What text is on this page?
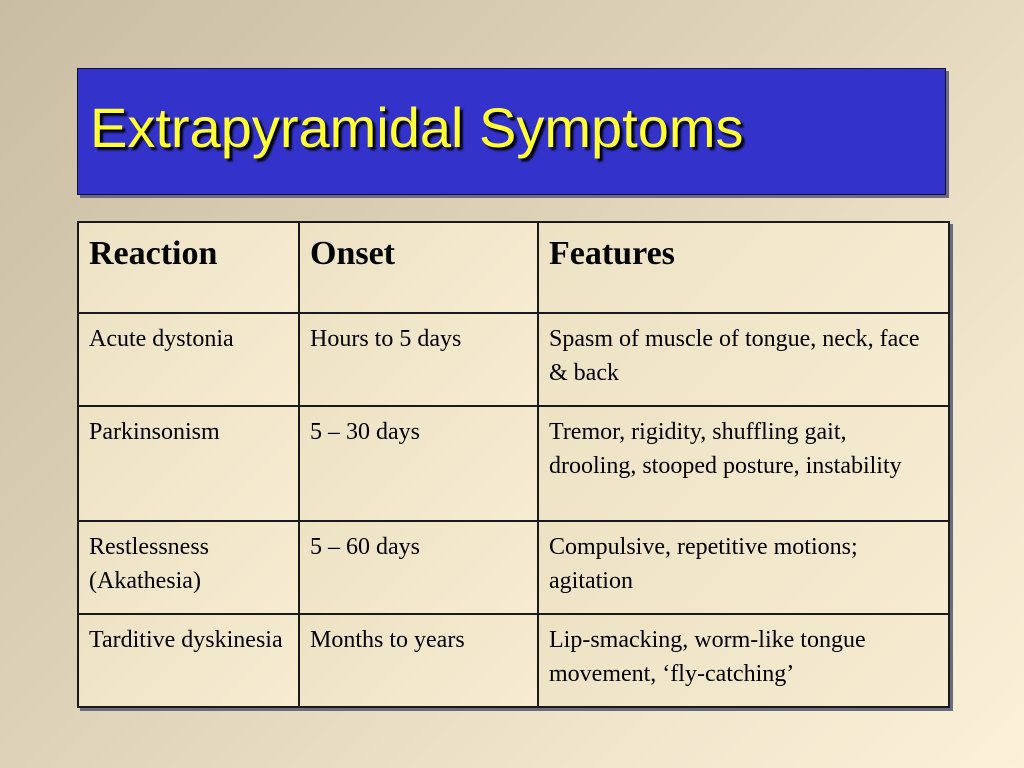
Extrapyramidal Symptoms
Reaction	Onset	Features
Acute dystonia	Hours to 5 days	Spasm of muscle of tongue, neck, face & back
Parkinsonism	5 – 30 days	Tremor, rigidity, shuffling gait, drooling, stooped posture, instability
Restlessness (Akathesia)	5 – 60 days	Compulsive, repetitive motions; agitation
Tarditive dyskinesia	Months to years	Lip-smacking, worm-like tongue movement, ‘fly-catching’
